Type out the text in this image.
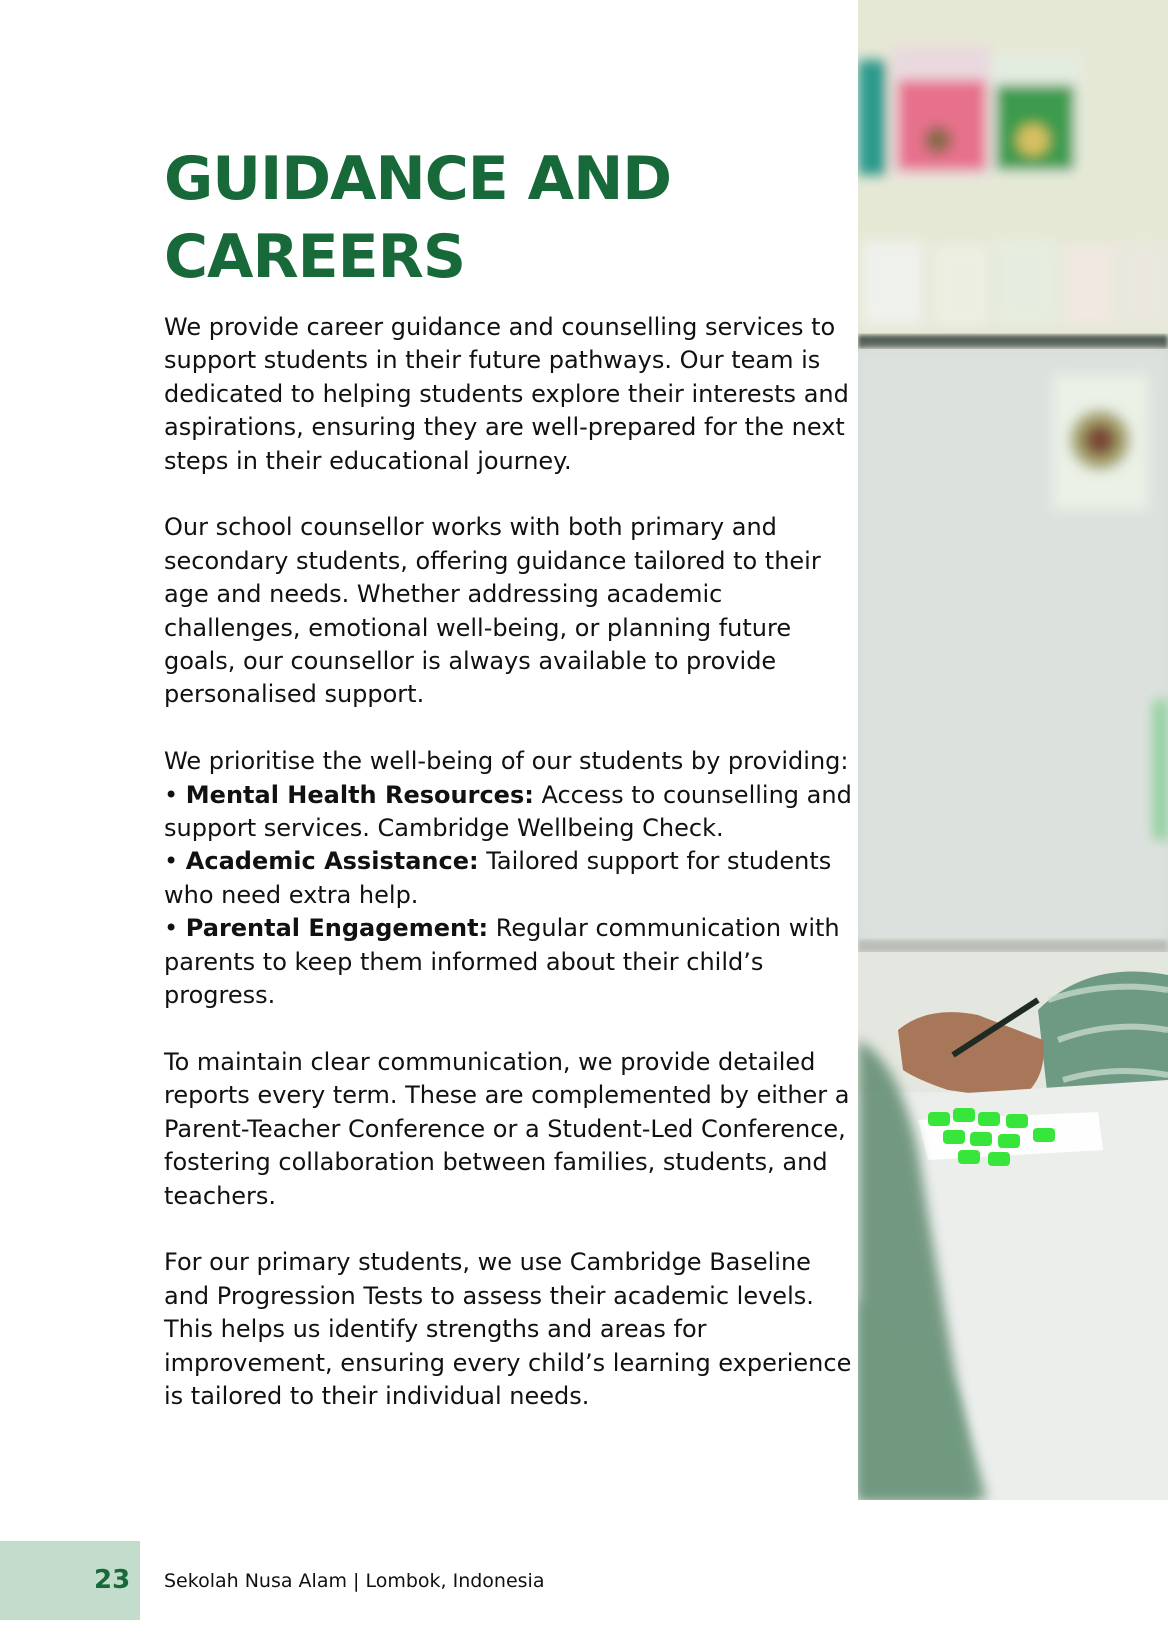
GUIDANCE AND
CAREERS

We provide career guidance and counselling services to support students in their future pathways. Our team is dedicated to helping students explore their interests and aspirations, ensuring they are well-prepared for the next steps in their educational journey.

Our school counsellor works with both primary and secondary students, offering guidance tailored to their age and needs. Whether addressing academic challenges, emotional well-being, or planning future goals, our counsellor is always available to provide personalised support.

We prioritise the well-being of our students by providing:
• Mental Health Resources: Access to counselling and support services. Cambridge Wellbeing Check.
• Academic Assistance: Tailored support for students who need extra help.
• Parental Engagement: Regular communication with parents to keep them informed about their child’s progress.

To maintain clear communication, we provide detailed reports every term. These are complemented by either a Parent-Teacher Conference or a Student-Led Conference, fostering collaboration between families, students, and teachers.

For our primary students, we use Cambridge Baseline and Progression Tests to assess their academic levels. This helps us identify strengths and areas for improvement, ensuring every child’s learning experience is tailored to their individual needs.

23 Sekolah Nusa Alam | Lombok, Indonesia
